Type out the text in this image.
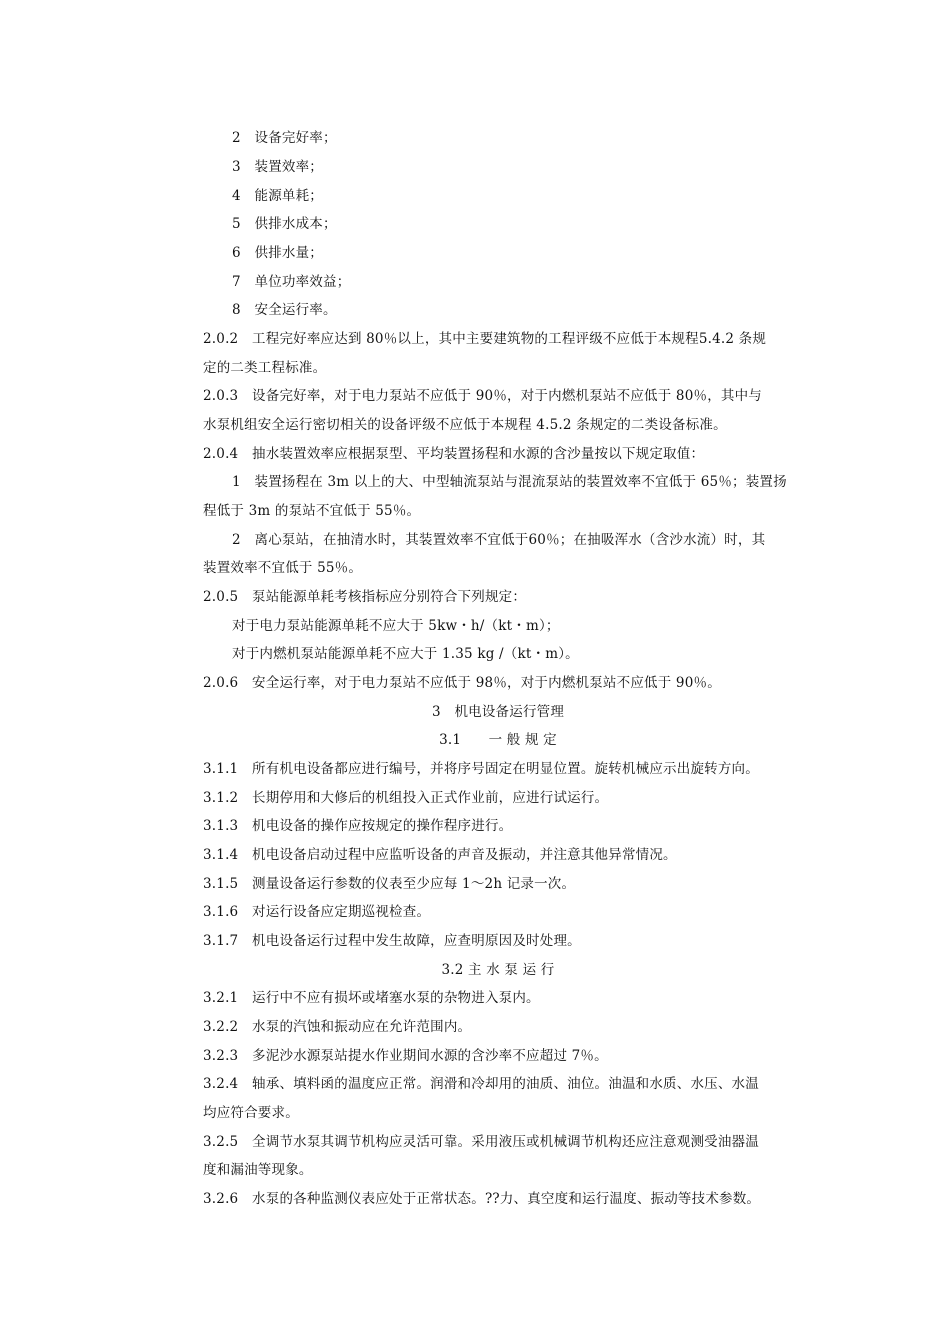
2　设备完好率；
3　装置效率；
4　能源单耗；
5　供排水成本；
6　供排水量；
7　单位功率效益；
8　安全运行率。
2.0.2　工程完好率应达到 80％以上，其中主要建筑物的工程评级不应低于本规程5.4.2 条规
定的二类工程标准。
2.0.3　设备完好率，对于电力泵站不应低于 90％，对于内燃机泵站不应低于 80％，其中与
水泵机组安全运行密切相关的设备评级不应低于本规程 4.5.2 条规定的二类设备标准。
2.0.4　抽水装置效率应根据泵型、平均装置扬程和水源的含沙量按以下规定取值：
1　装置扬程在 3m 以上的大、中型轴流泵站与混流泵站的装置效率不宜低于 65％；装置扬
程低于 3m 的泵站不宜低于 55％。
2　离心泵站，在抽清水时，其装置效率不宜低于60％；在抽吸浑水（含沙水流）时，其
装置效率不宜低于 55％。
2.0.5　泵站能源单耗考核指标应分别符合下列规定：
对于电力泵站能源单耗不应大于 5kw・h/（kt・m）；
对于内燃机泵站能源单耗不应大于 1.35 kg /（kt・m）。
2.0.6　安全运行率，对于电力泵站不应低于 98％，对于内燃机泵站不应低于 90％。
3　机电设备运行管理
3.1　　一 般 规 定
3.1.1　所有机电设备都应进行编号，并将序号固定在明显位置。旋转机械应示出旋转方向。
3.1.2　长期停用和大修后的机组投入正式作业前，应进行试运行。
3.1.3　机电设备的操作应按规定的操作程序进行。
3.1.4　机电设备启动过程中应监听设备的声音及振动，并注意其他异常情况。
3.1.5　测量设备运行参数的仪表至少应每 1～2h 记录一次。
3.1.6　对运行设备应定期巡视检查。
3.1.7　机电设备运行过程中发生故障，应查明原因及时处理。
3.2 主 水 泵 运 行
3.2.1　运行中不应有损坏或堵塞水泵的杂物进入泵内。
3.2.2　水泵的汽蚀和振动应在允许范围内。
3.2.3　多泥沙水源泵站提水作业期间水源的含沙率不应超过 7％。
3.2.4　轴承、填料函的温度应正常。润滑和冷却用的油质、油位。油温和水质、水压、水温
均应符合要求。
3.2.5　全调节水泵其调节机构应灵活可靠。采用液压或机械调节机构还应注意观测受油器温
度和漏油等现象。
3.2.6　水泵的各种监测仪表应处于正常状态。??力、真空度和运行温度、振动等技术参数。
